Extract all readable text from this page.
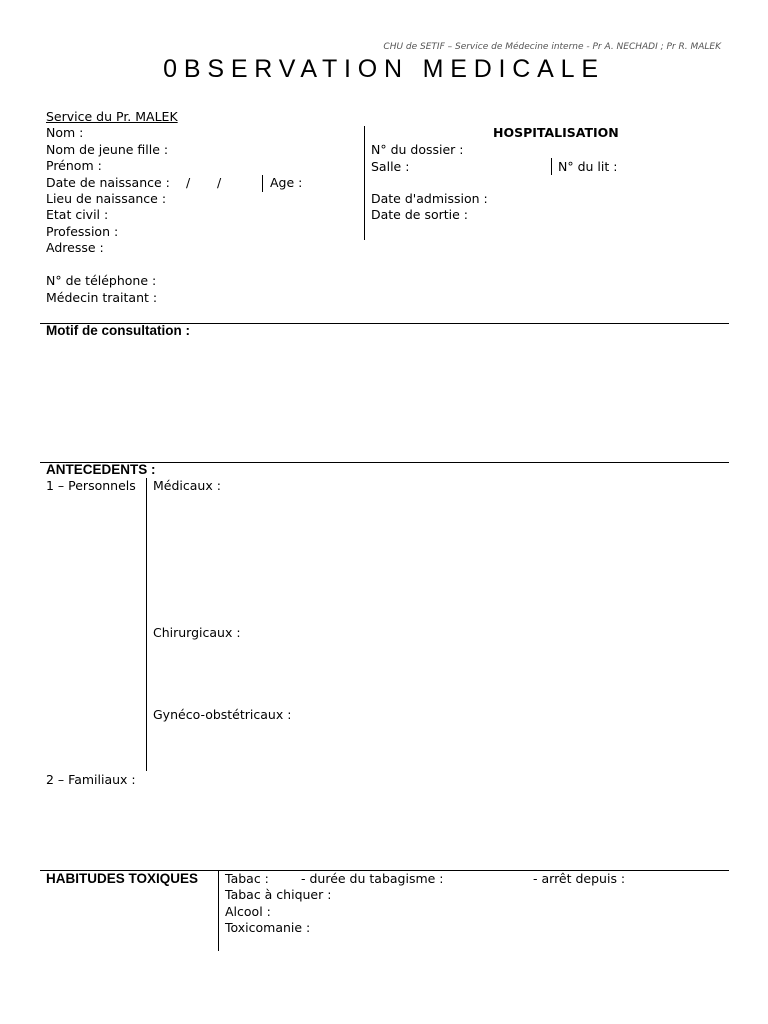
CHU de SETIF – Service de Médecine interne - Pr A. NECHADI ; Pr R. MALEK
0BSERVATION MEDICALE
Service du Pr. MALEK
Nom :
Nom de jeune fille :
Prénom :
Date de naissance : / /	Age :
Lieu de naissance :
Etat civil :
Profession :
Adresse :
N° de téléphone :
Médecin traitant :
HOSPITALISATION
N° du dossier :
Salle :	N° du lit :
Date d'admission :
Date de sortie :
Motif de consultation :
ANTECEDENTS :
1 – Personnels Médicaux :
Chirurgicaux :
Gynéco-obstétricaux :
2 – Familiaux :
HABITUDES TOXIQUES Tabac :	- durée du tabagisme :	- arrêt depuis :
Tabac à chiquer :
Alcool :
Toxicomanie :
